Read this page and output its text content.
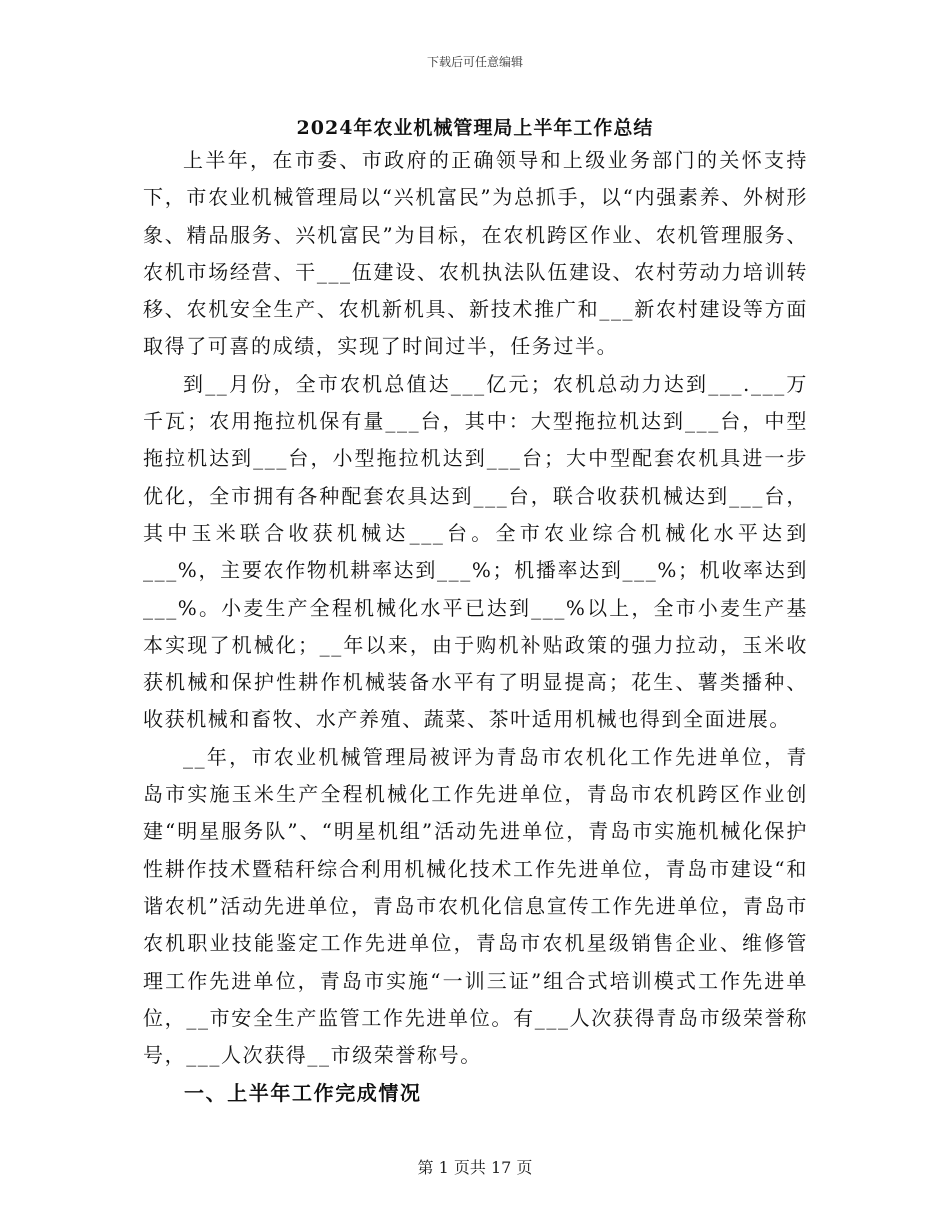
下载后可任意编辑
2024年农业机械管理局上半年工作总结

上半年，在市委、市政府的正确领导和上级业务部门的关怀支持下，市农业机械管理局以“兴机富民”为总抓手，以“内强素养、外树形象、精品服务、兴机富民”为目标，在农机跨区作业、农机管理服务、农机市场经营、干___伍建设、农机执法队伍建设、农村劳动力培训转移、农机安全生产、农机新机具、新技术推广和___新农村建设等方面取得了可喜的成绩，实现了时间过半，任务过半。

到__月份，全市农机总值达___亿元；农机总动力达到___.___万千瓦；农用拖拉机保有量___台，其中：大型拖拉机达到___台，中型拖拉机达到___台，小型拖拉机达到___台；大中型配套农机具进一步优化，全市拥有各种配套农具达到___台，联合收获机械达到___台，其中玉米联合收获机械达___台。全市农业综合机械化水平达到___%，主要农作物机耕率达到___%；机播率达到___%；机收率达到___%。小麦生产全程机械化水平已达到___%以上，全市小麦生产基本实现了机械化；__年以来，由于购机补贴政策的强力拉动，玉米收获机械和保护性耕作机械装备水平有了明显提高；花生、薯类播种、收获机械和畜牧、水产养殖、蔬菜、茶叶适用机械也得到全面进展。

__年，市农业机械管理局被评为青岛市农机化工作先进单位，青岛市实施玉米生产全程机械化工作先进单位，青岛市农机跨区作业创建“明星服务队”、“明星机组”活动先进单位，青岛市实施机械化保护性耕作技术暨秸秆综合利用机械化技术工作先进单位，青岛市建设“和谐农机”活动先进单位，青岛市农机化信息宣传工作先进单位，青岛市农机职业技能鉴定工作先进单位，青岛市农机星级销售企业、维修管理工作先进单位，青岛市实施“一训三证”组合式培训模式工作先进单位，__市安全生产监管工作先进单位。有___人次获得青岛市级荣誉称号，___人次获得__市级荣誉称号。

一、上半年工作完成情况
第 1 页共 17 页
